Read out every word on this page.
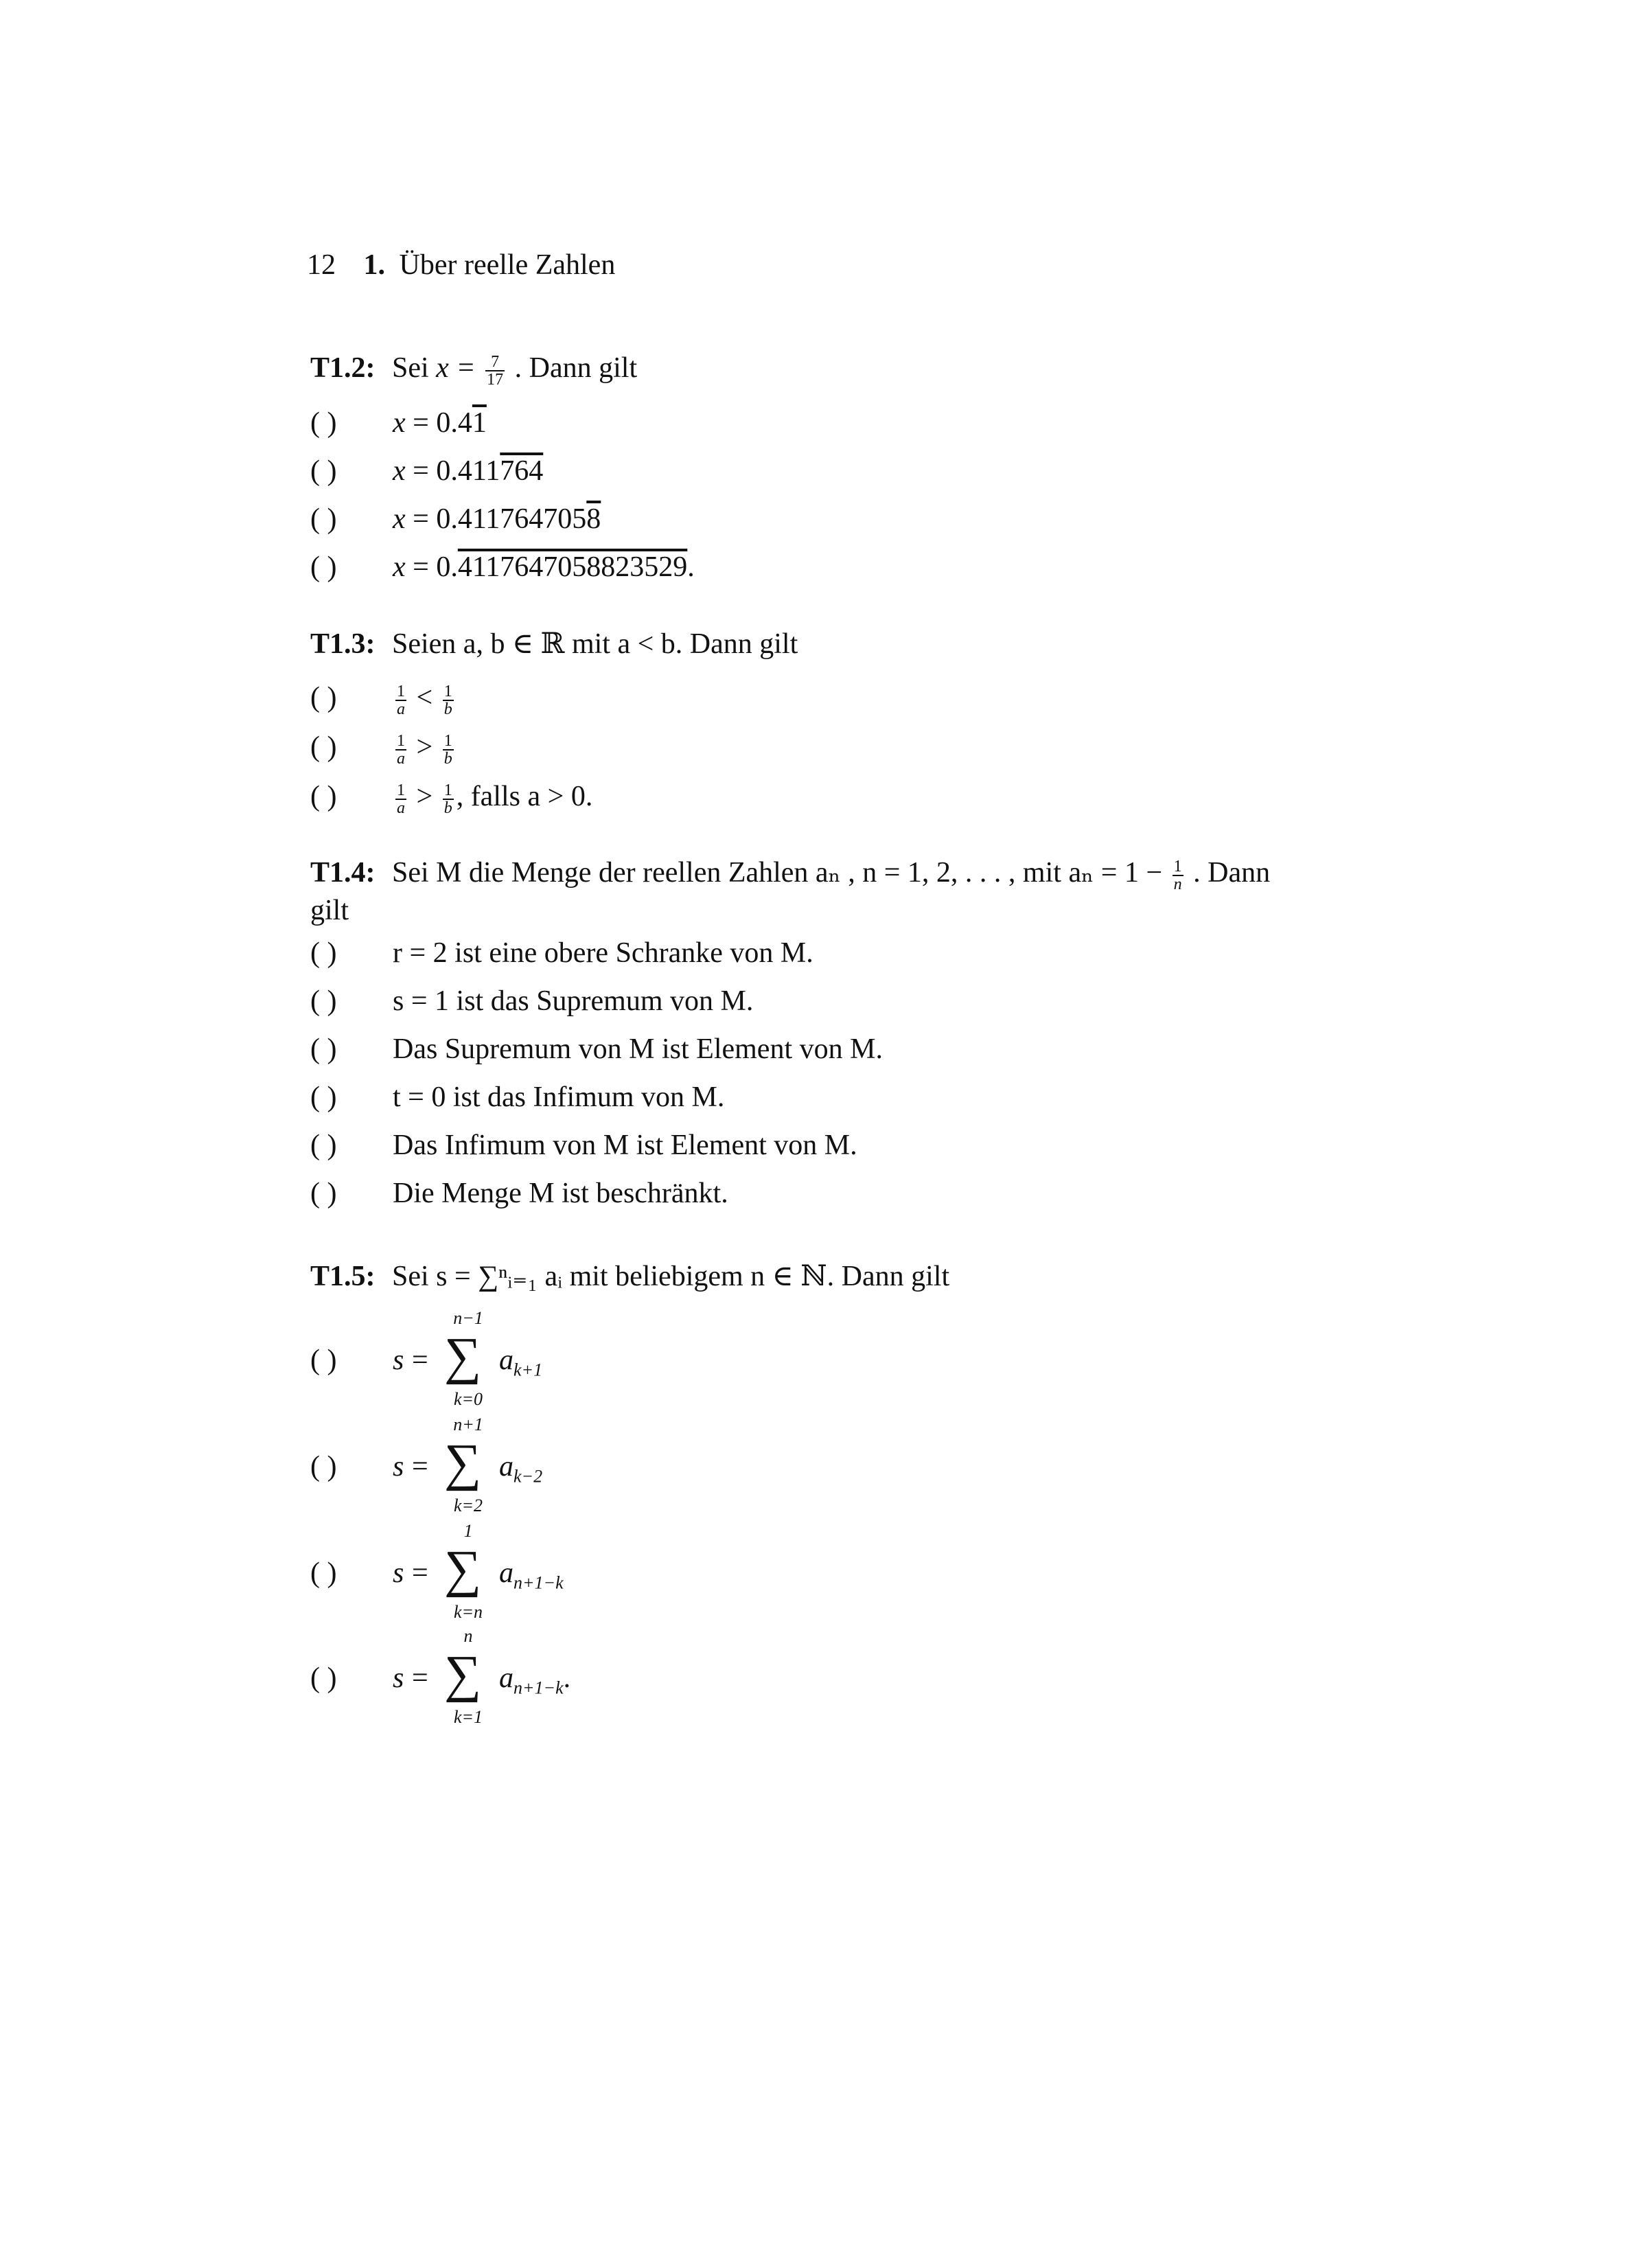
12 1. Über reelle Zahlen
T1.2: Sei $x = \frac{7}{17}$ . Dann gilt
( ) x = 0.41
( ) x = 0.411764
( ) x = 0.4117647058
( ) x = 0.4117647058823529.
T1.3: Seien a, b ∈ ℝ mit a < b. Dann gilt
( )	$\frac{1}{a} < \frac{1}{b}$
( )	$\frac{1}{a} > \frac{1}{b}$
( )	$\frac{1}{a} > \frac{1}{b}$ , falls a > 0.
T1.4: Sei M die Menge der reellen Zahlen aₙ , n = 1, 2, . . . , mit $a_n = 1 - \frac{1}{n}$ . Dann
gilt
( ) r = 2 ist eine obere Schranke von M.
( ) s = 1 ist das Supremum von M.
( ) Das Supremum von M ist Element von M.
( ) t = 0 ist das Infimum von M.
( ) Das Infimum von M ist Element von M.
( ) Die Menge M ist beschränkt.
T1.5: Sei s = ∑ⁿᵢ₌₁ aᵢ mit beliebigem n ∈ ℕ. Dann gilt
( ) s =
n−1
∑
k=0
$a_{k+1}$
( ) s =
n+1
∑
k=2
$a_{k-2}$
( ) s =
1
∑
k=n
$a_{n+1-k}$
( ) s =
n
∑
k=1
$a_{n+1-k}$.
